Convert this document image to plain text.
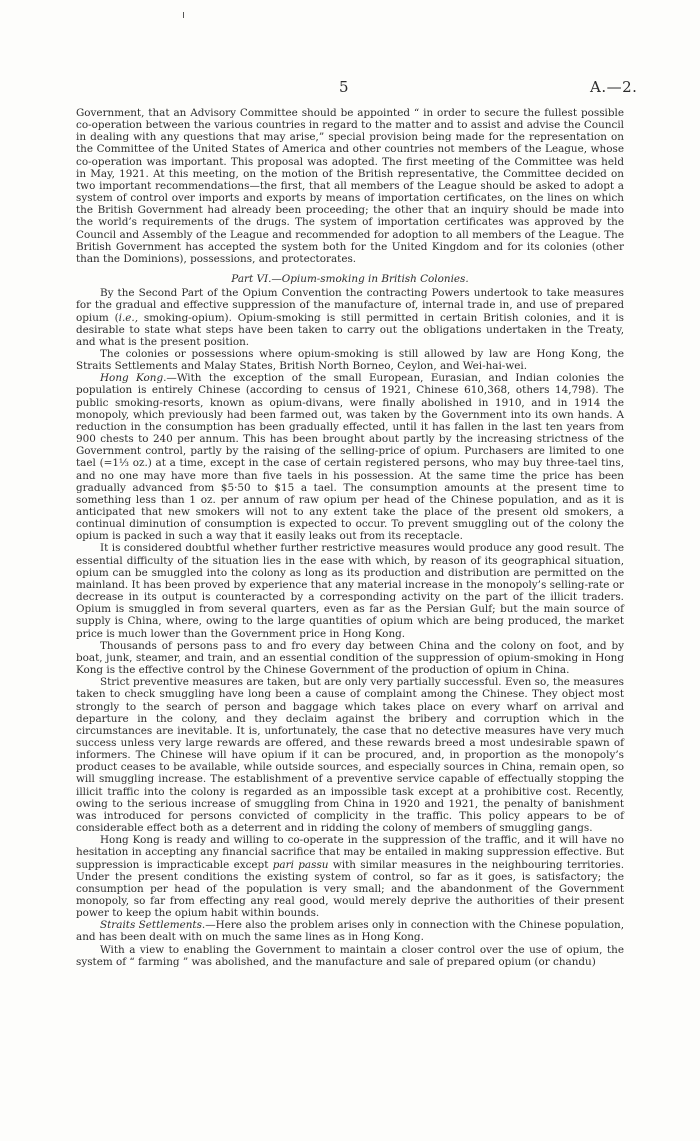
5	A.—2.

Government, that an Advisory Committee should be appointed “ in order to secure the fullest possible co-operation between the various countries in regard to the matter and to assist and advise the Council in dealing with any questions that may arise,” special provision being made for the representation on the Committee of the United States of America and other countries not members of the League, whose co-operation was important. This proposal was adopted. The first meeting of the Committee was held in May, 1921. At this meeting, on the motion of the British representative, the Committee decided on two important recommendations—the first, that all members of the League should be asked to adopt a system of control over imports and exports by means of importation certificates, on the lines on which the British Government had already been proceeding; the other that an inquiry should be made into the world’s requirements of the drugs. The system of importation certificates was approved by the Council and Assembly of the League and recommended for adoption to all members of the League. The British Government has accepted the system both for the United Kingdom and for its colonies (other than the Dominions), possessions, and protectorates.

Part VI.—Opium-smoking in British Colonies.

By the Second Part of the Opium Convention the contracting Powers undertook to take measures for the gradual and effective suppression of the manufacture of, internal trade in, and use of prepared opium (i.e., smoking-opium). Opium-smoking is still permitted in certain British colonies, and it is desirable to state what steps have been taken to carry out the obligations undertaken in the Treaty, and what is the present position.

The colonies or possessions where opium-smoking is still allowed by law are Hong Kong, the Straits Settlements and Malay States, British North Borneo, Ceylon, and Wei-hai-wei.

Hong Kong.—With the exception of the small European, Eurasian, and Indian colonies the population is entirely Chinese (according to census of 1921, Chinese 610,368, others 14,798). The public smoking-resorts, known as opium-divans, were finally abolished in 1910, and in 1914 the monopoly, which previously had been farmed out, was taken by the Government into its own hands. A reduction in the consumption has been gradually effected, until it has fallen in the last ten years from 900 chests to 240 per annum. This has been brought about partly by the increasing strictness of the Government control, partly by the raising of the selling-price of opium. Purchasers are limited to one tael (=1⅓ oz.) at a time, except in the case of certain registered persons, who may buy three-tael tins, and no one may have more than five taels in his possession. At the same time the price has been gradually advanced from $5·50 to $15 a tael. The consumption amounts at the present time to something less than 1 oz. per annum of raw opium per head of the Chinese population, and as it is anticipated that new smokers will not to any extent take the place of the present old smokers, a continual diminution of consumption is expected to occur. To prevent smuggling out of the colony the opium is packed in such a way that it easily leaks out from its receptacle.

It is considered doubtful whether further restrictive measures would produce any good result. The essential difficulty of the situation lies in the ease with which, by reason of its geographical situation, opium can be smuggled into the colony as long as its production and distribution are permitted on the mainland. It has been proved by experience that any material increase in the monopoly’s selling-rate or decrease in its output is counteracted by a corresponding activity on the part of the illicit traders. Opium is smuggled in from several quarters, even as far as the Persian Gulf; but the main source of supply is China, where, owing to the large quantities of opium which are being produced, the market price is much lower than the Government price in Hong Kong.

Thousands of persons pass to and fro every day between China and the colony on foot, and by boat, junk, steamer, and train, and an essential condition of the suppression of opium-smoking in Hong Kong is the effective control by the Chinese Government of the production of opium in China.

Strict preventive measures are taken, but are only very partially successful. Even so, the measures taken to check smuggling have long been a cause of complaint among the Chinese. They object most strongly to the search of person and baggage which takes place on every wharf on arrival and departure in the colony, and they declaim against the bribery and corruption which in the circumstances are inevitable. It is, unfortunately, the case that no detective measures have very much success unless very large rewards are offered, and these rewards breed a most undesirable spawn of informers. The Chinese will have opium if it can be procured, and, in proportion as the monopoly’s product ceases to be available, while outside sources, and especially sources in China, remain open, so will smuggling increase. The establishment of a preventive service capable of effectually stopping the illicit traffic into the colony is regarded as an impossible task except at a prohibitive cost. Recently, owing to the serious increase of smuggling from China in 1920 and 1921, the penalty of banishment was introduced for persons convicted of complicity in the traffic. This policy appears to be of considerable effect both as a deterrent and in ridding the colony of members of smuggling gangs.

Hong Kong is ready and willing to co-operate in the suppression of the traffic, and it will have no hesitation in accepting any financial sacrifice that may be entailed in making suppression effective. But suppression is impracticable except pari passu with similar measures in the neighbouring territories. Under the present conditions the existing system of control, so far as it goes, is satisfactory; the consumption per head of the population is very small; and the abandonment of the Government monopoly, so far from effecting any real good, would merely deprive the authorities of their present power to keep the opium habit within bounds.

Straits Settlements.—Here also the problem arises only in connection with the Chinese population, and has been dealt with on much the same lines as in Hong Kong.

With a view to enabling the Government to maintain a closer control over the use of opium, the system of “ farming ” was abolished, and the manufacture and sale of prepared opium (or chandu)
